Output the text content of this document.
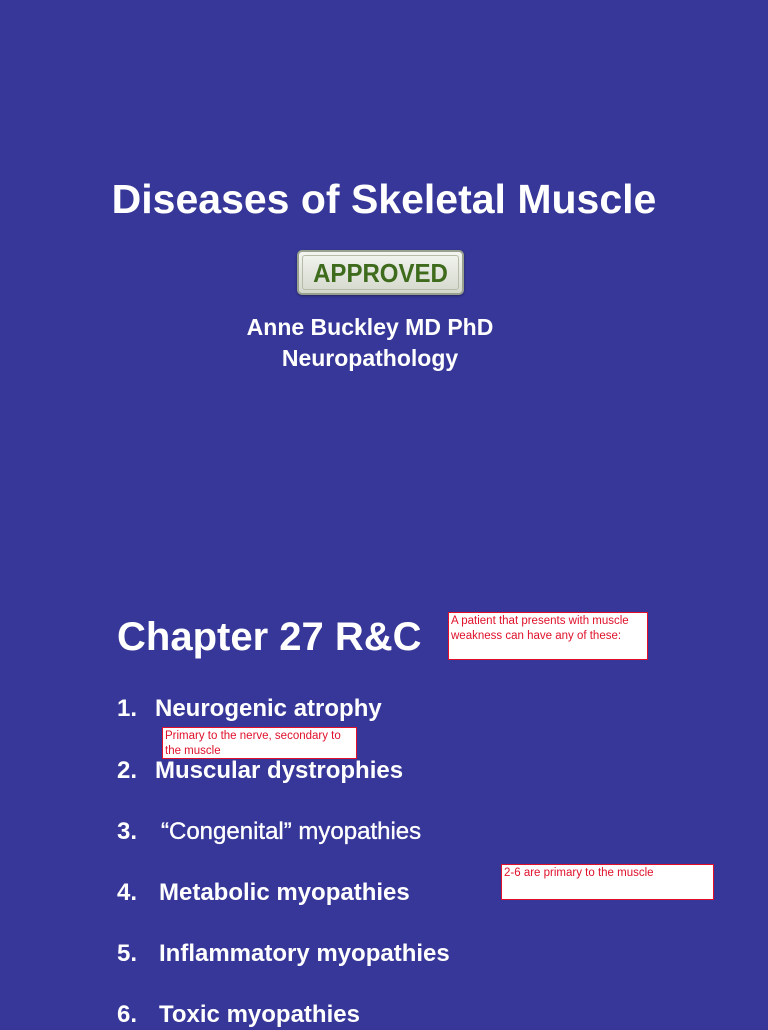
Diseases of Skeletal Muscle
APPROVED
Anne Buckley MD PhD
Neuropathology
Chapter 27 R&C	A patient that presents with muscle weakness can have any of these:
1. Neurogenic atrophy
Primary to the nerve, secondary to the muscle
2. Muscular dystrophies
3. “Congenital” myopathies
2-6 are primary to the muscle
4. Metabolic myopathies
5. Inflammatory myopathies
6. Toxic myopathies
